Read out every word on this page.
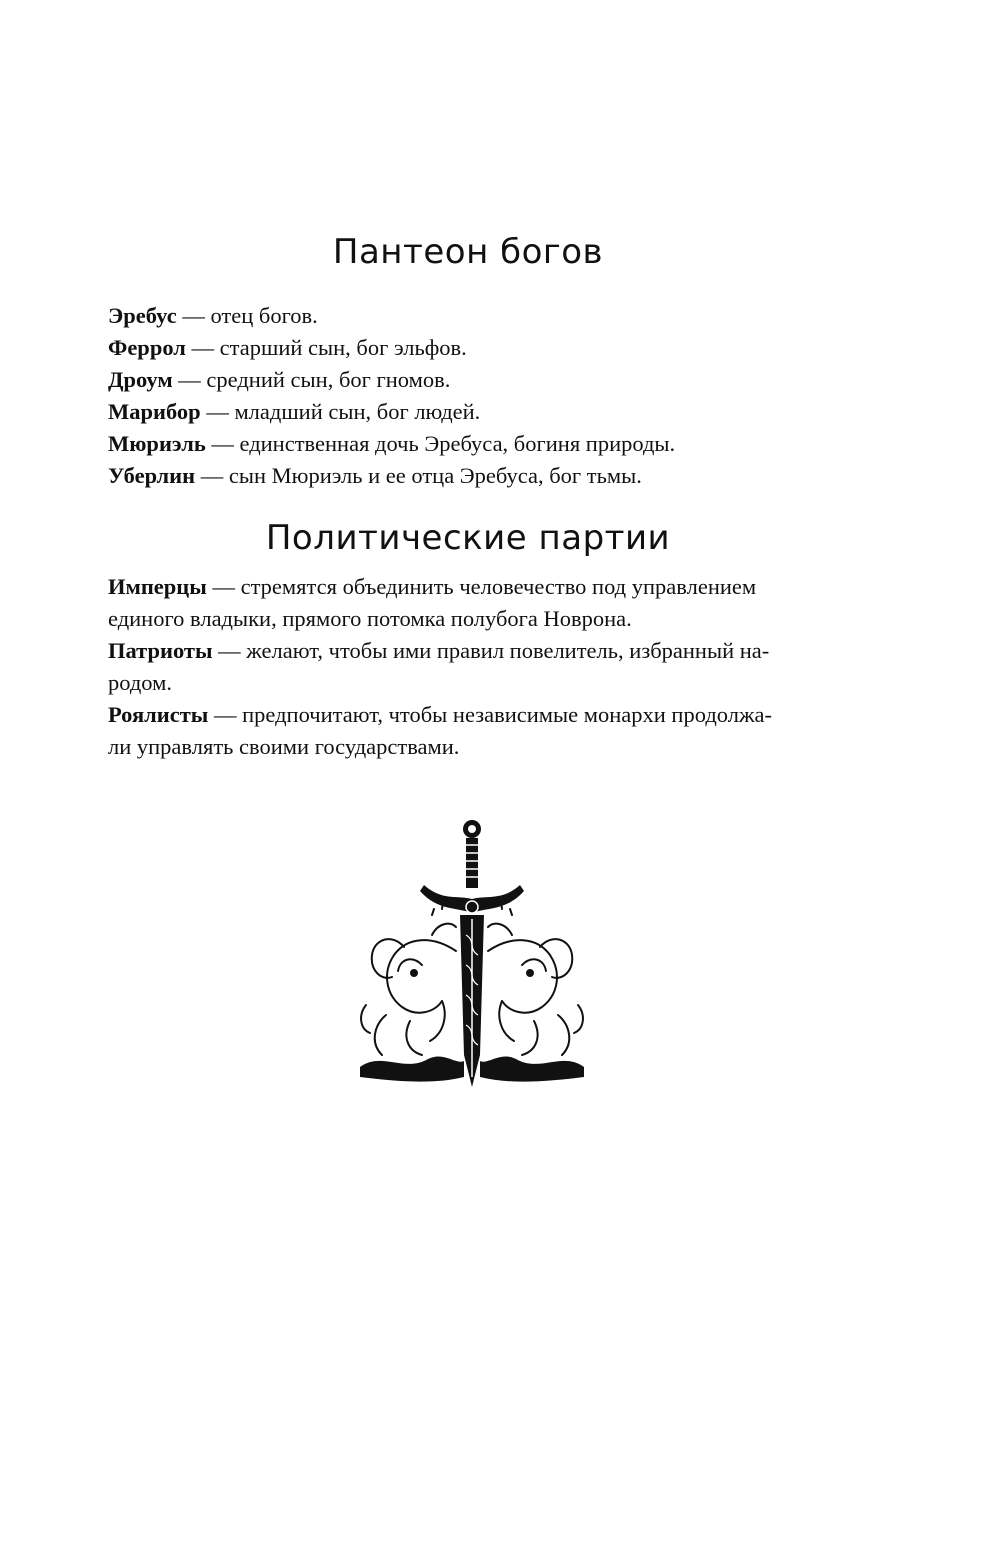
Пантеон богов
Эребус — отец богов.
Феррол — старший сын, бог эльфов.
Дроум — средний сын, бог гномов.
Марибор — младший сын, бог людей.
Мюриэль — единственная дочь Эребуса, богиня природы.
Уберлин — сын Мюриэль и ее отца Эребуса, бог тьмы.
Политические партии
Имперцы — стремятся объединить человечество под управлением
единого владыки, прямого потомка полубога Новрона.
Патриоты — желают, чтобы ими правил повелитель, избранный на-
родом.
Роялисты — предпочитают, чтобы независимые монархи продолжа-
ли управлять своими государствами.
